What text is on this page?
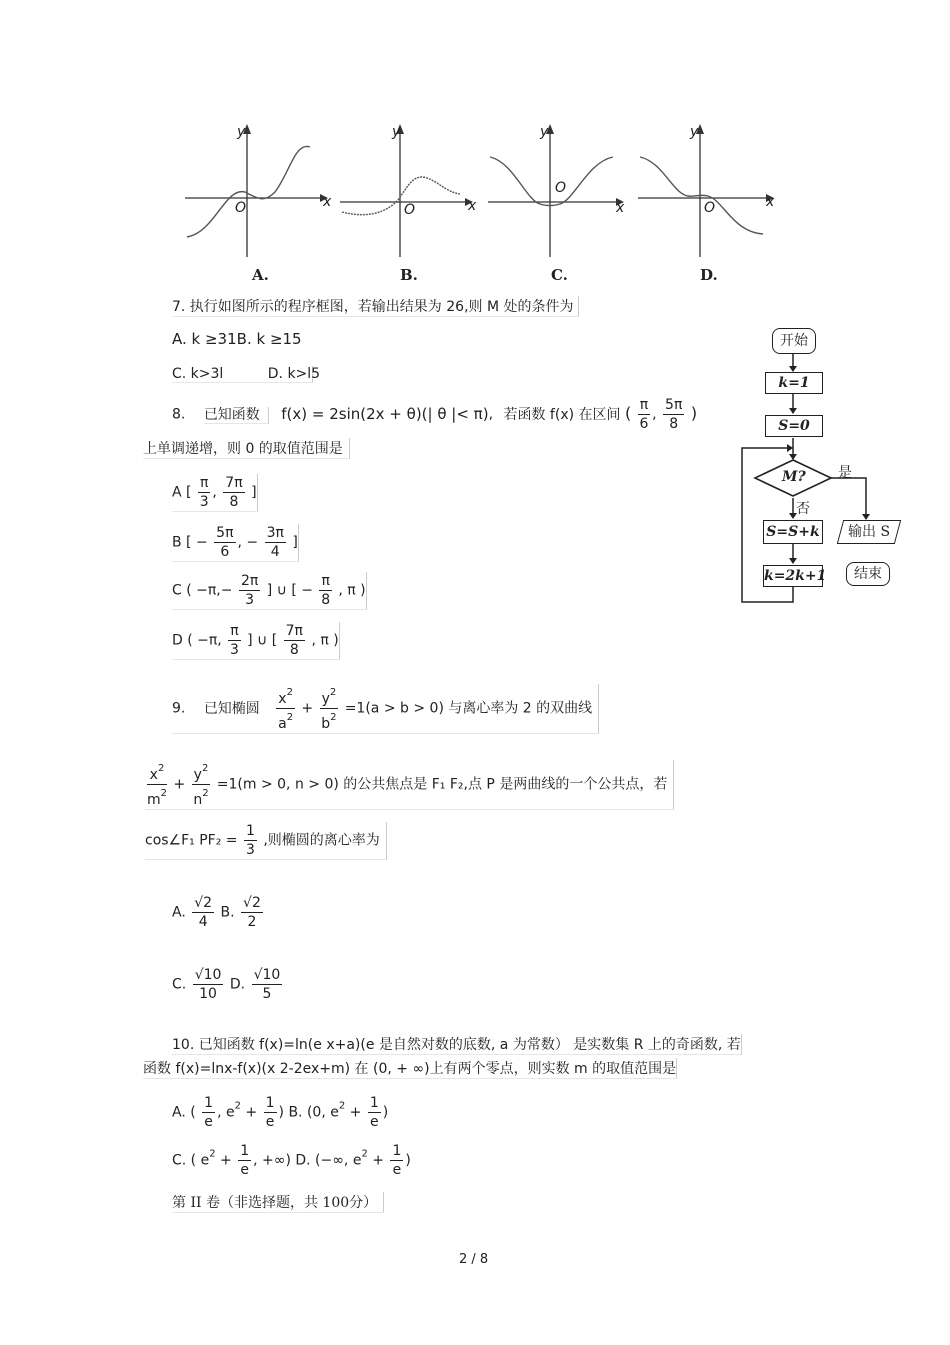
y
x
O
A.
y
x
O
B.
y
x
O
C.
y
x
O
D.
7. 执行如图所示的程序框图，若输出结果为 26,则 M 处的条件为
A. k ≥31B. k ≥15
C. k>3l	D. k>l5
8. 已知函数 f(x) = 2sin(2x + θ)(| θ |< π), 若函数 f(x) 在区间 ( $\frac{\pi}{6}$ , $\frac{5\pi}{8}$ )
上单调递增，则 0 的取值范围是
A [ $\frac{\pi}{3}$ , $\frac{7\pi}{8}$ ]
B [ − $\frac{5\pi}{6}$ , − $\frac{3\pi}{4}$ ]
C ( $-\pi,- \frac{2\pi}{3}$ ] ∪ [ − $\frac{\pi}{8}$ , π )
D ( −π, $\frac{\pi}{3}$ ] ∪ [ $\frac{7\pi}{8}$ , π )
9. 已知椭圆 $\frac{x^2}{a^2} + \frac{y^2}{b^2} =1(a > b > 0)$ 与离心率为 2 的双曲线
$\frac{x^2}{m^2} + \frac{y^2}{n^2} =1(m > 0$, n > 0) 的公共焦点是 F₁ F₂,点 P 是两曲线的一个公共点，若
cos∠F₁ $PF_2 = \frac{1}{3}$ ,则椭圆的离心率为
A. $\frac{√2}{4} B$. $\frac{√2}{2}$
C. $\frac{√10}{10} D$. $\frac{√10}{5}$
10. 已知函数 f(x)=ln(e x+a)(e 是自然对数的底数, a 为常数） 是实数集 R 上的奇函数, 若
函数 f(x)=lnx-f(x)(x 2-2ex+m) 在 (0, + ∞)上有两个零点，则实数 m 的取值范围是
A. ( $\frac{1}{e}$ , $e^2 + \frac{1}{e}$ ) B. (0, $e^2 + \frac{1}{e}$ )
C. ( $e^2 + \frac{1}{e}$ , +∞) D. (−∞, $e^2 + \frac{1}{e}$ )
第 II 卷（非选择题，共 100分）
开始
k=1
S=0
M? 是
否
S=S+k
k=2k+1
输出 S
结束
2 / 8
